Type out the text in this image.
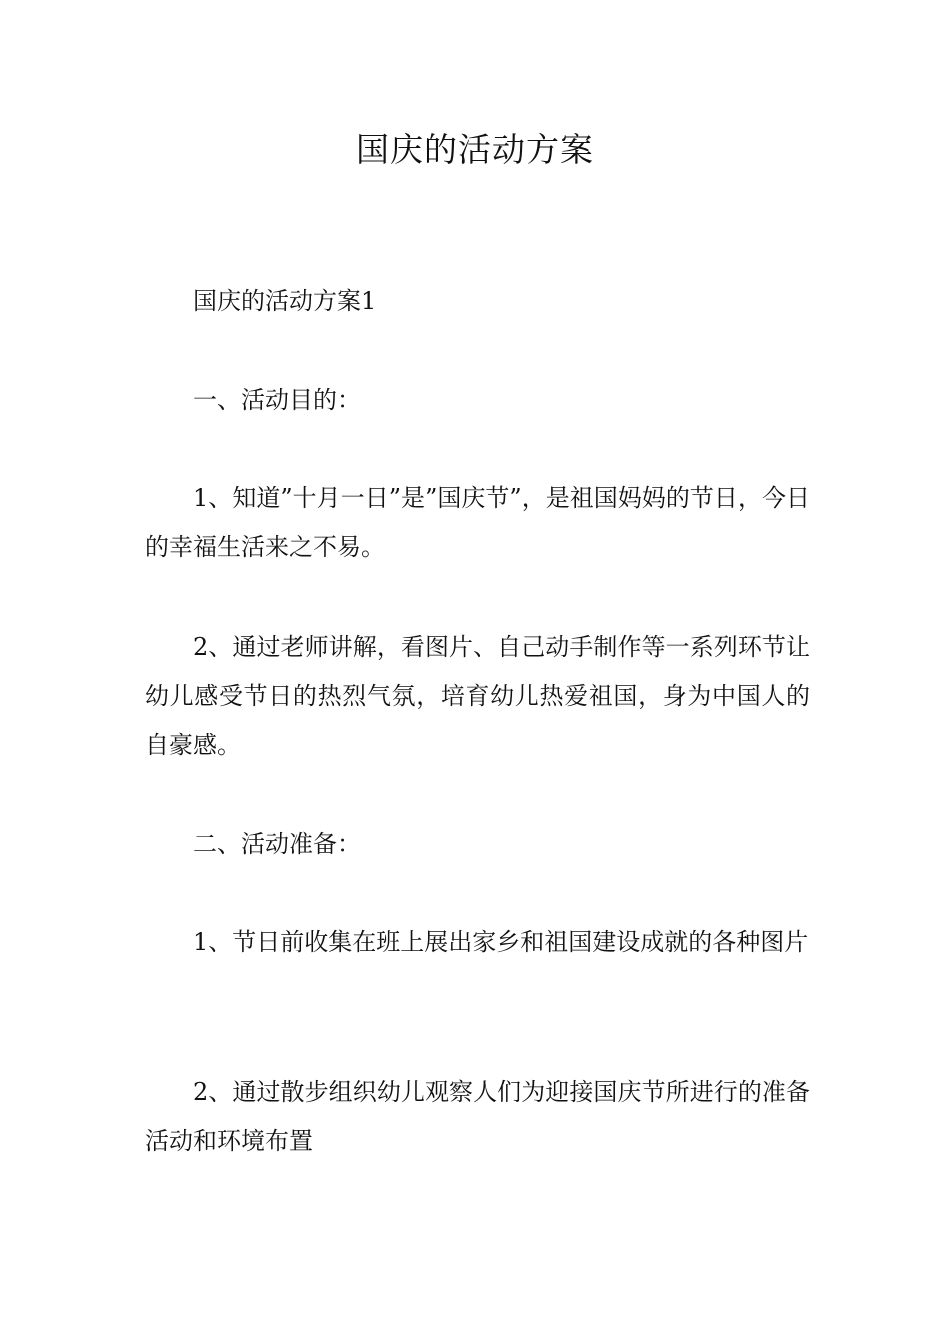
国庆的活动方案

国庆的活动方案1

一、活动目的：

1、知道”十月一日”是”国庆节”，是祖国妈妈的节日，今日的幸福生活来之不易。

2、通过老师讲解，看图片、自己动手制作等一系列环节让幼儿感受节日的热烈气氛，培育幼儿热爱祖国，身为中国人的自豪感。

二、活动准备：

1、节日前收集在班上展出家乡和祖国建设成就的各种图片

2、通过散步组织幼儿观察人们为迎接国庆节所进行的准备活动和环境布置
